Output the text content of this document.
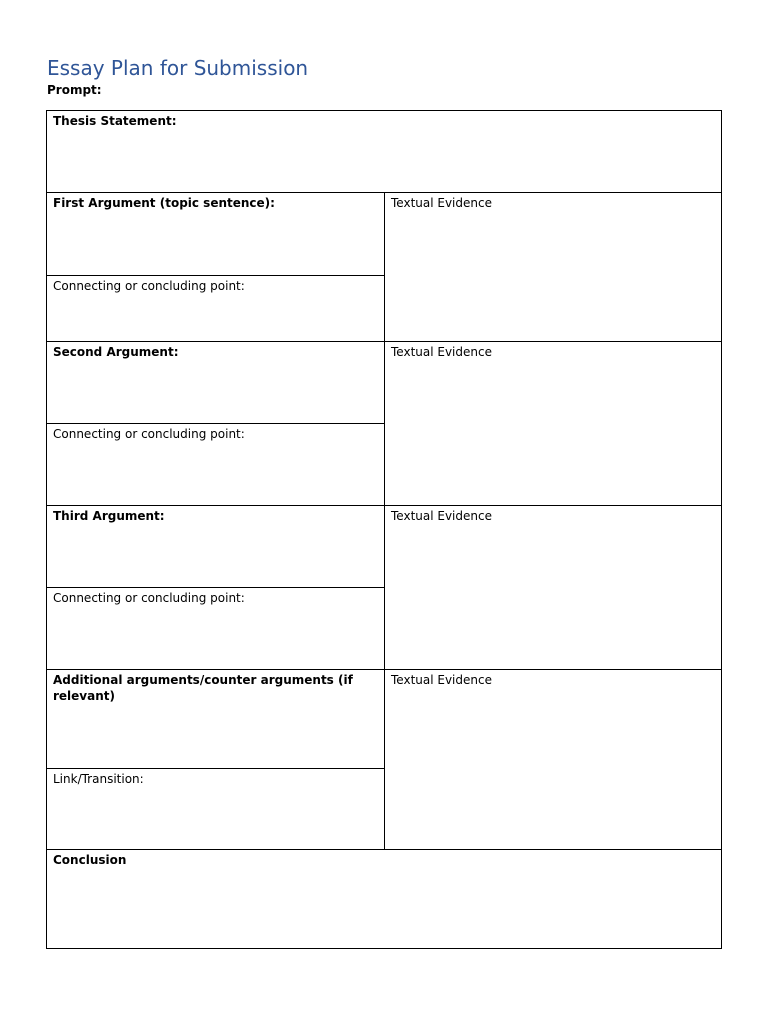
Essay Plan for Submission
Prompt:
Thesis Statement:
First Argument (topic sentence):
Connecting or concluding point:
Textual Evidence
Second Argument:
Connecting or concluding point:
Textual Evidence
Third Argument:
Connecting or concluding point:
Textual Evidence
Additional arguments/counter arguments (if relevant)
Link/Transition:
Textual Evidence
Conclusion
